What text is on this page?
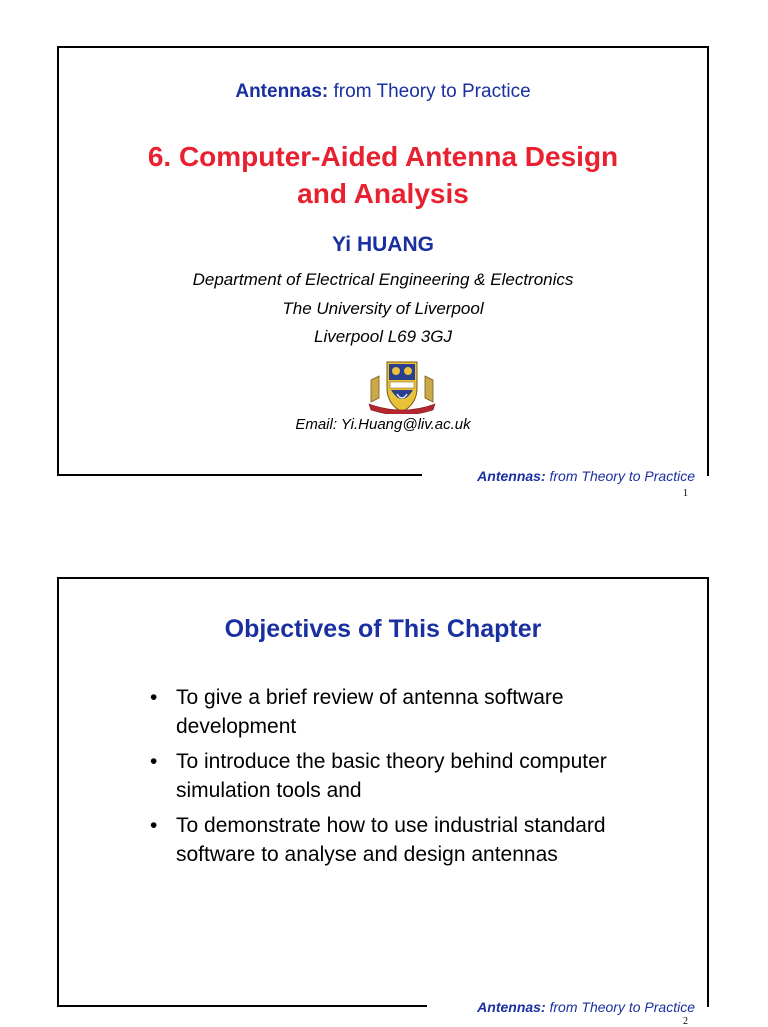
Antennas: from Theory to Practice
6. Computer-Aided Antenna Design
and Analysis
Yi HUANG
Department of Electrical Engineering & Electronics
The University of Liverpool
Liverpool L69 3GJ
Email: Yi.Huang@liv.ac.uk
Antennas: from Theory to Practice
1
Objectives of This Chapter
• To give a brief review of antenna software development
• To introduce the basic theory behind computer simulation tools and
• To demonstrate how to use industrial standard software to analyse and design antennas
Antennas: from Theory to Practice
2
